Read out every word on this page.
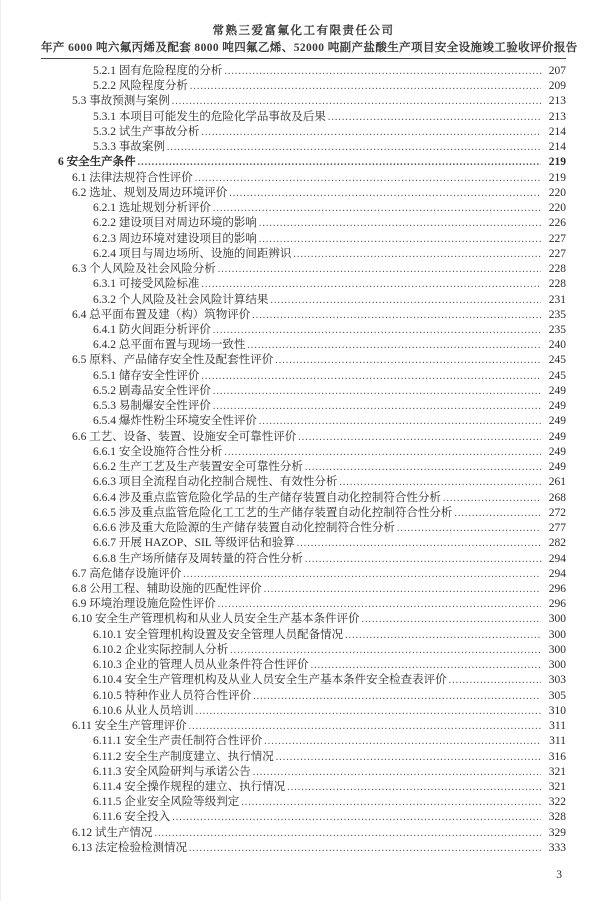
常熟三爱富氟化工有限责任公司
年产 6000 吨六氟丙烯及配套 8000 吨四氟乙烯、52000 吨副产盐酸生产项目安全设施竣工验收评价报告
5.2.1 固有危险程度的分析 .....	207
5.2.2 风险程度分析 .....	209
5.3 事故预测与案例 .....	213
5.3.1 本项目可能发生的危险化学品事故及后果 .....	213
5.3.2 试生产事故分析 .....	214
5.3.3 事故案例 .....	214
6 安全生产条件 .....	219
6.1 法律法规符合性评价 .....	219
6.2 选址、规划及周边环境评价 .....	220
6.2.1 选址规划分析评价 .....	220
6.2.2 建设项目对周边环境的影响 .....	226
6.2.3 周边环境对建设项目的影响 .....	227
6.2.4 项目与周边场所、设施的间距辨识 .....	227
6.3 个人风险及社会风险分析 .....	228
6.3.1 可接受风险标准 .....	228
6.3.2 个人风险及社会风险计算结果 .....	231
6.4 总平面布置及建（构）筑物评价 .....	235
6.4.1 防火间距分析评价 .....	235
6.4.2 总平面布置与现场一致性 .....	240
6.5 原料、产品储存安全性及配套性评价 .....	245
6.5.1 储存安全性评价 .....	245
6.5.2 剧毒品安全性评价 .....	249
6.5.3 易制爆安全性评价 .....	249
6.5.4 爆炸性粉尘环境安全性评价 .....	249
6.6 工艺、设备、装置、设施安全可靠性评价 .....	249
6.6.1 安全设施符合性分析 .....	249
6.6.2 生产工艺及生产装置安全可靠性分析 .....	249
6.6.3 项目全流程自动化控制合规性、有效性分析 .....	261
6.6.4 涉及重点监管危险化学品的生产储存装置自动化控制符合性分析 .....	268
6.6.5 涉及重点监管危险化工工艺的生产储存装置自动化控制符合性分析 .....	272
6.6.6 涉及重大危险源的生产储存装置自动化控制符合性分析 .....	277
6.6.7 开展 HAZOP、SIL 等级评估和验算 .....	282
6.6.8 生产场所储存及周转量的符合性分析 .....	294
6.7 高危储存设施评价 .....	294
6.8 公用工程、辅助设施的匹配性评价 .....	296
6.9 环境治理设施危险性评价 .....	296
6.10 安全生产管理机构和从业人员安全生产基本条件评价 .....	300
6.10.1 安全管理机构设置及安全管理人员配备情况 .....	300
6.10.2 企业实际控制人分析 .....	300
6.10.3 企业的管理人员从业条件符合性评价 .....	300
6.10.4 安全生产管理机构及从业人员安全生产基本条件安全检查表评价 .....	303
6.10.5 特种作业人员符合性评价 .....	305
6.10.6 从业人员培训 .....	310
6.11 安全生产管理评价 .....	311
6.11.1 安全生产责任制符合性评价 .....	311
6.11.2 安全生产制度建立、执行情况 .....	316
6.11.3 安全风险研判与承诺公告 .....	321
6.11.4 安全操作规程的建立、执行情况 .....	321
6.11.5 企业安全风险等级判定 .....	322
6.11.6 安全投入 .....	328
6.12 试生产情况 .....	329
6.13 法定检验检测情况 .....	333
3
